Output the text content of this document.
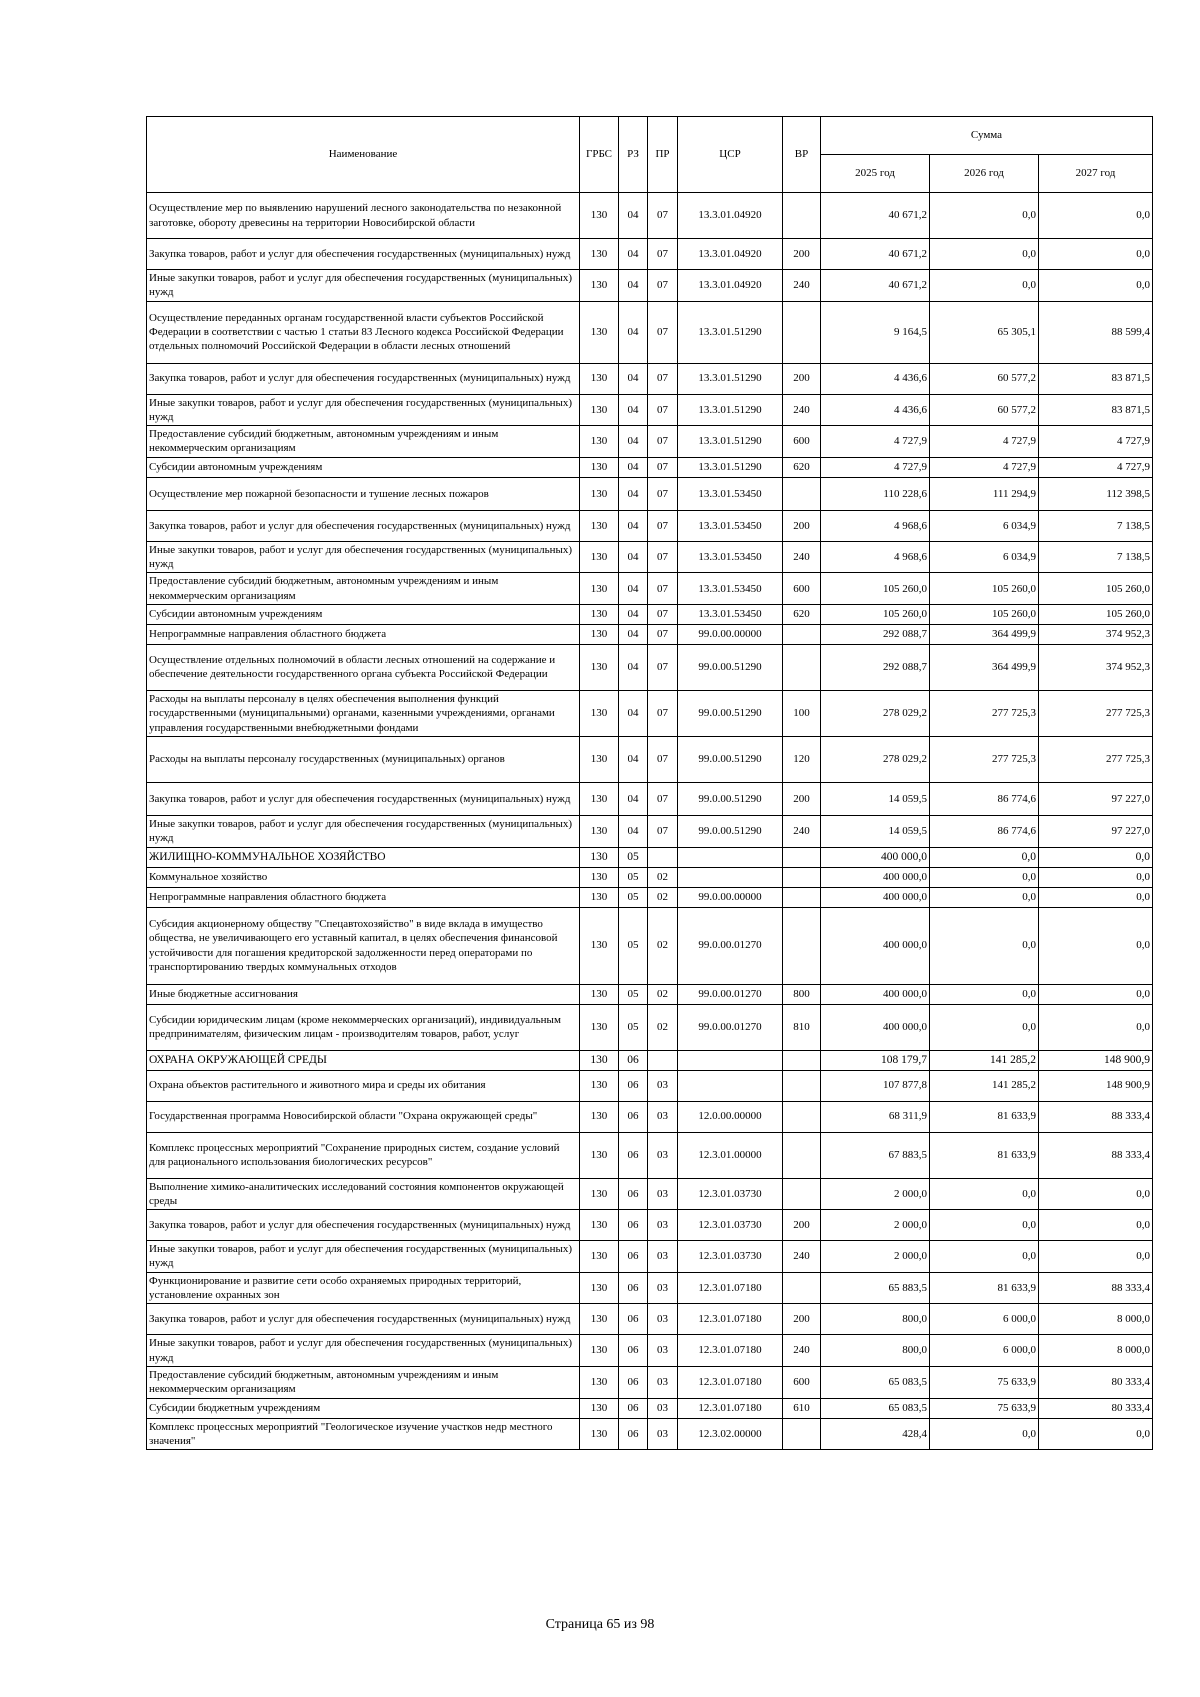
Наименование	ГРБС	РЗ	ПР	ЦСР	ВР	Сумма		
						2025 год	2026 год	2027 год
Осуществление мер по выявлению нарушений лесного законодательства по незаконной заготовке, обороту древесины на территории Новосибирской области	130	04	07	13.3.01.04920		40 671,2	0,0	0,0
Закупка товаров, работ и услуг для обеспечения государственных (муниципальных) нужд	130	04	07	13.3.01.04920	200	40 671,2	0,0	0,0
Иные закупки товаров, работ и услуг для обеспечения государственных (муниципальных) нужд	130	04	07	13.3.01.04920	240	40 671,2	0,0	0,0
Осуществление переданных органам государственной власти субъектов Российской Федерации в соответствии с частью 1 статьи 83 Лесного кодекса Российской Федерации отдельных полномочий Российской Федерации в области лесных отношений	130	04	07	13.3.01.51290		9 164,5	65 305,1	88 599,4
Закупка товаров, работ и услуг для обеспечения государственных (муниципальных) нужд	130	04	07	13.3.01.51290	200	4 436,6	60 577,2	83 871,5
Иные закупки товаров, работ и услуг для обеспечения государственных (муниципальных) нужд	130	04	07	13.3.01.51290	240	4 436,6	60 577,2	83 871,5
Предоставление субсидий бюджетным, автономным учреждениям и иным некоммерческим организациям	130	04	07	13.3.01.51290	600	4 727,9	4 727,9	4 727,9
Субсидии автономным учреждениям	130	04	07	13.3.01.51290	620	4 727,9	4 727,9	4 727,9
Осуществление мер пожарной безопасности и тушение лесных пожаров	130	04	07	13.3.01.53450		110 228,6	111 294,9	112 398,5
Закупка товаров, работ и услуг для обеспечения государственных (муниципальных) нужд	130	04	07	13.3.01.53450	200	4 968,6	6 034,9	7 138,5
Иные закупки товаров, работ и услуг для обеспечения государственных (муниципальных) нужд	130	04	07	13.3.01.53450	240	4 968,6	6 034,9	7 138,5
Предоставление субсидий бюджетным, автономным учреждениям и иным некоммерческим организациям	130	04	07	13.3.01.53450	600	105 260,0	105 260,0	105 260,0
Субсидии автономным учреждениям	130	04	07	13.3.01.53450	620	105 260,0	105 260,0	105 260,0
Непрограммные направления областного бюджета	130	04	07	99.0.00.00000		292 088,7	364 499,9	374 952,3
Осуществление отдельных полномочий в области лесных отношений на содержание и обеспечение деятельности государственного органа субъекта Российской Федерации	130	04	07	99.0.00.51290		292 088,7	364 499,9	374 952,3
Расходы на выплаты персоналу в целях обеспечения выполнения функций государственными (муниципальными) органами, казенными учреждениями, органами управления государственными внебюджетными фондами	130	04	07	99.0.00.51290	100	278 029,2	277 725,3	277 725,3
Расходы на выплаты персоналу государственных (муниципальных) органов	130	04	07	99.0.00.51290	120	278 029,2	277 725,3	277 725,3
Закупка товаров, работ и услуг для обеспечения государственных (муниципальных) нужд	130	04	07	99.0.00.51290	200	14 059,5	86 774,6	97 227,0
Иные закупки товаров, работ и услуг для обеспечения государственных (муниципальных) нужд	130	04	07	99.0.00.51290	240	14 059,5	86 774,6	97 227,0
ЖИЛИЩНО-КОММУНАЛЬНОЕ ХОЗЯЙСТВО	130	05				400 000,0	0,0	0,0
Коммунальное хозяйство	130	05	02			400 000,0	0,0	0,0
Непрограммные направления областного бюджета	130	05	02	99.0.00.00000		400 000,0	0,0	0,0
Субсидия акционерному обществу "Спецавтохозяйство" в виде вклада в имущество общества, не увеличивающего его уставный капитал, в целях обеспечения финансовой устойчивости для погашения кредиторской задолженности перед операторами по транспортированию твердых коммунальных отходов	130	05	02	99.0.00.01270		400 000,0	0,0	0,0
Иные бюджетные ассигнования	130	05	02	99.0.00.01270	800	400 000,0	0,0	0,0
Субсидии юридическим лицам (кроме некоммерческих организаций), индивидуальным предпринимателям, физическим лицам - производителям товаров, работ, услуг	130	05	02	99.0.00.01270	810	400 000,0	0,0	0,0
ОХРАНА ОКРУЖАЮЩЕЙ СРЕДЫ	130	06				108 179,7	141 285,2	148 900,9
Охрана объектов растительного и животного мира и среды их обитания	130	06	03			107 877,8	141 285,2	148 900,9
Государственная программа Новосибирской области "Охрана окружающей среды"	130	06	03	12.0.00.00000		68 311,9	81 633,9	88 333,4
Комплекс процессных мероприятий "Сохранение природных систем, создание условий для рационального использования биологических ресурсов"	130	06	03	12.3.01.00000		67 883,5	81 633,9	88 333,4
Выполнение химико-аналитических исследований состояния компонентов окружающей среды	130	06	03	12.3.01.03730		2 000,0	0,0	0,0
Закупка товаров, работ и услуг для обеспечения государственных (муниципальных) нужд	130	06	03	12.3.01.03730	200	2 000,0	0,0	0,0
Иные закупки товаров, работ и услуг для обеспечения государственных (муниципальных) нужд	130	06	03	12.3.01.03730	240	2 000,0	0,0	0,0
Функционирование и развитие сети особо охраняемых природных территорий, установление охранных зон	130	06	03	12.3.01.07180		65 883,5	81 633,9	88 333,4
Закупка товаров, работ и услуг для обеспечения государственных (муниципальных) нужд	130	06	03	12.3.01.07180	200	800,0	6 000,0	8 000,0
Иные закупки товаров, работ и услуг для обеспечения государственных (муниципальных) нужд	130	06	03	12.3.01.07180	240	800,0	6 000,0	8 000,0
Предоставление субсидий бюджетным, автономным учреждениям и иным некоммерческим организациям	130	06	03	12.3.01.07180	600	65 083,5	75 633,9	80 333,4
Субсидии бюджетным учреждениям	130	06	03	12.3.01.07180	610	65 083,5	75 633,9	80 333,4
Комплекс процессных мероприятий "Геологическое изучение участков недр местного значения"	130	06	03	12.3.02.00000		428,4	0,0	0,0
Страница 65 из 98
